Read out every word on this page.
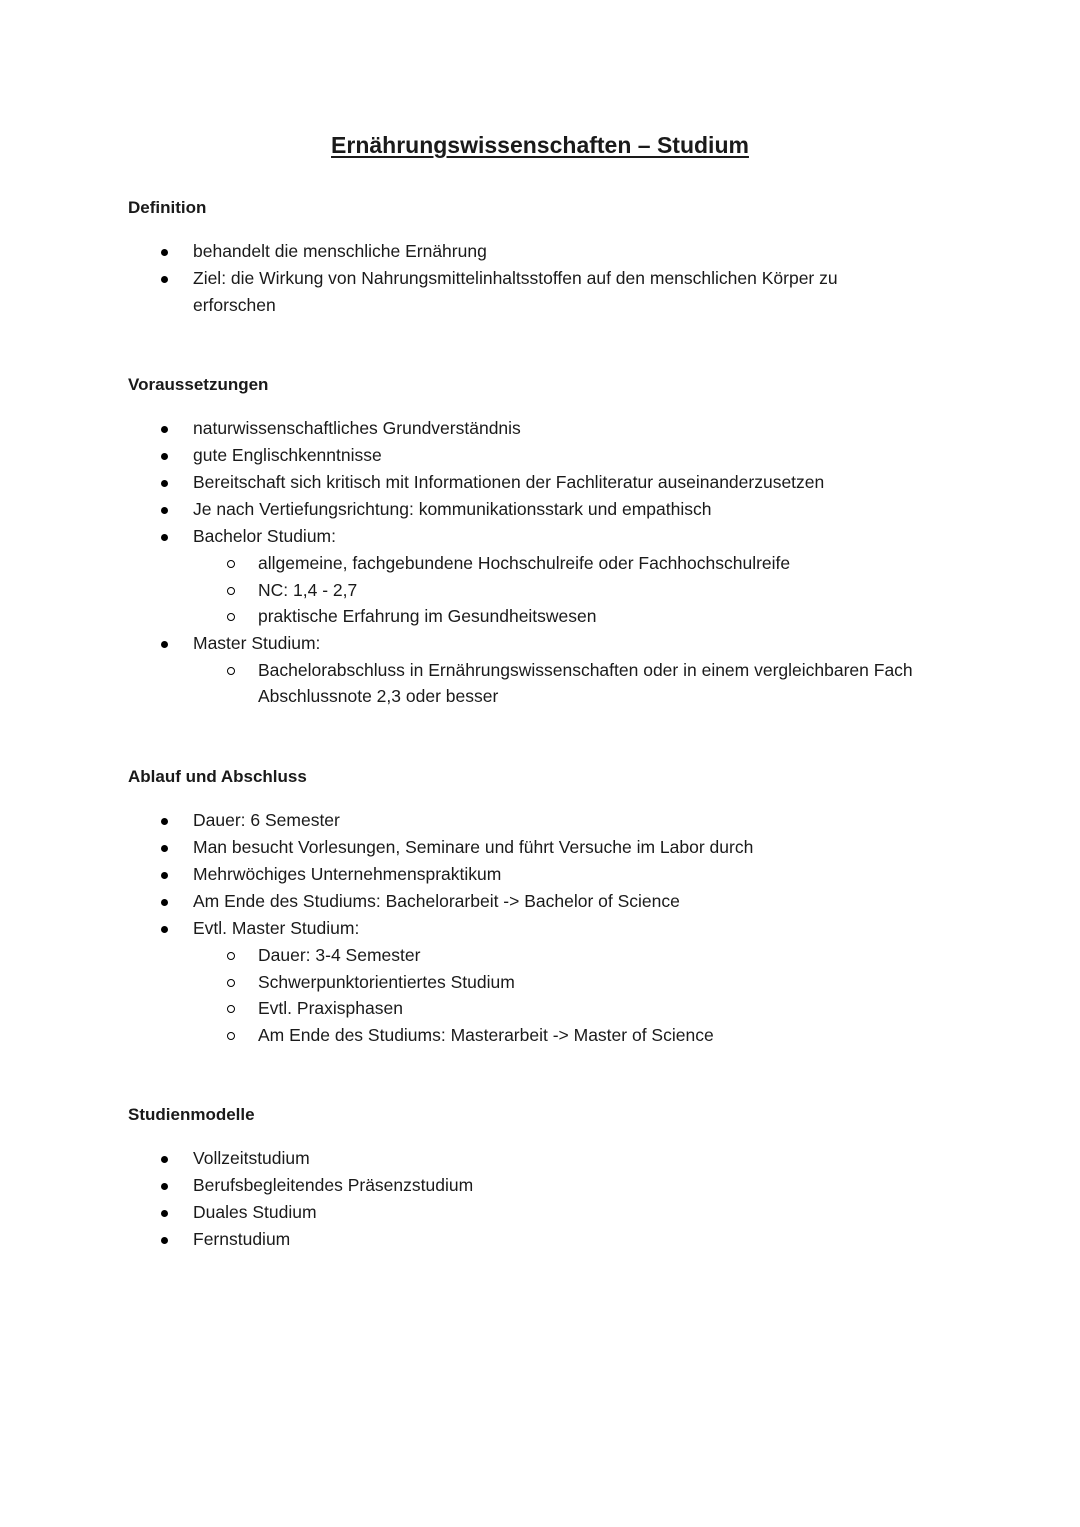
Ernährungswissenschaften – Studium
Definition
behandelt die menschliche Ernährung
Ziel: die Wirkung von Nahrungsmittelinhaltsstoffen auf den menschlichen Körper zu
erforschen
Voraussetzungen
naturwissenschaftliches Grundverständnis
gute Englischkenntnisse
Bereitschaft sich kritisch mit Informationen der Fachliteratur auseinanderzusetzen
Je nach Vertiefungsrichtung: kommunikationsstark und empathisch
Bachelor Studium:
allgemeine, fachgebundene Hochschulreife oder Fachhochschulreife
NC: 1,4 - 2,7
praktische Erfahrung im Gesundheitswesen
Master Studium:
Bachelorabschluss in Ernährungswissenschaften oder in einem vergleichbaren Fach
Abschlussnote 2,3 oder besser
Ablauf und Abschluss
Dauer: 6 Semester
Man besucht Vorlesungen, Seminare und führt Versuche im Labor durch
Mehrwöchiges Unternehmenspraktikum
Am Ende des Studiums: Bachelorarbeit -> Bachelor of Science
Evtl. Master Studium:
Dauer: 3-4 Semester
Schwerpunktorientiertes Studium
Evtl. Praxisphasen
Am Ende des Studiums: Masterarbeit -> Master of Science
Studienmodelle
Vollzeitstudium
Berufsbegleitendes Präsenzstudium
Duales Studium
Fernstudium
